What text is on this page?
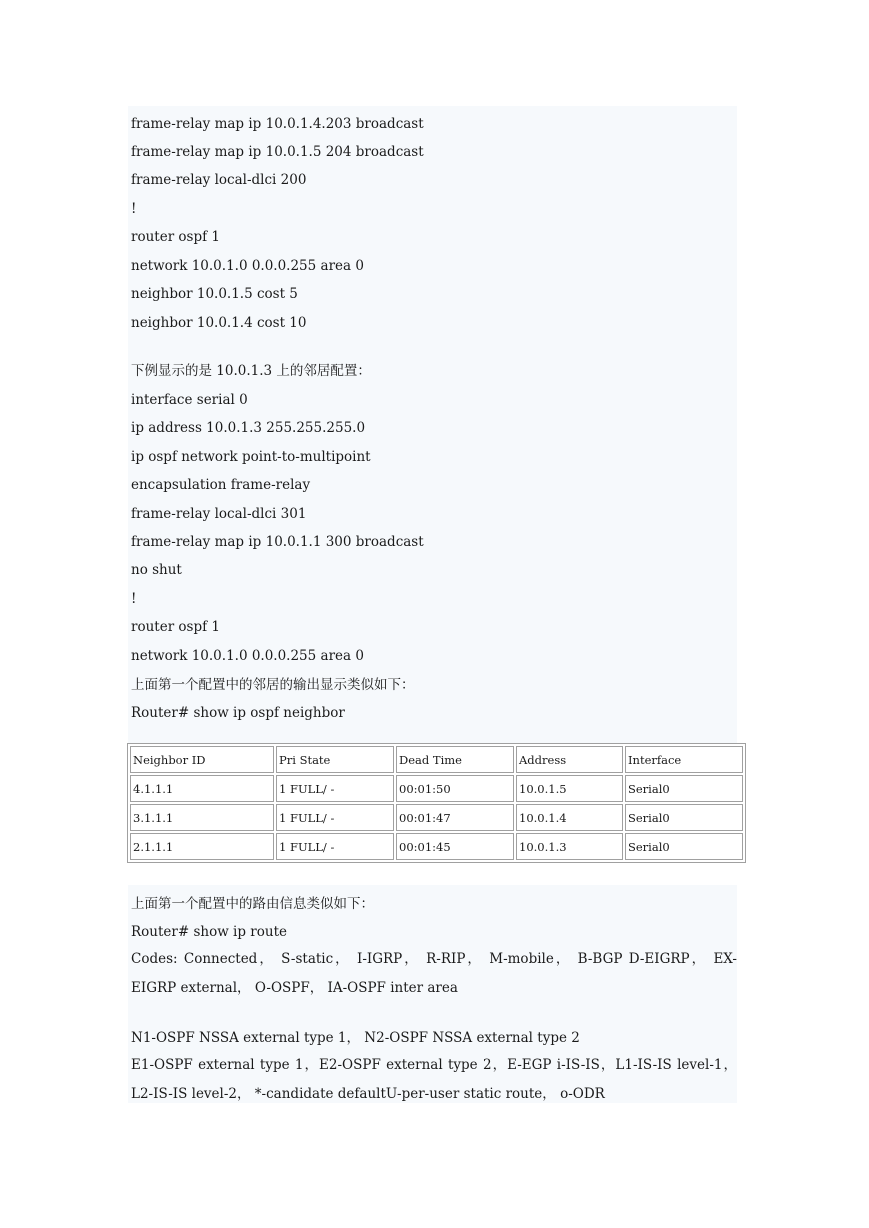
frame-relay map ip 10.0.1.4.203 broadcast
frame-relay map ip 10.0.1.5 204 broadcast
frame-relay local-dlci 200
!
router ospf 1
network 10.0.1.0 0.0.0.255 area 0
neighbor 10.0.1.5 cost 5
neighbor 10.0.1.4 cost 10
下例显示的是 10.0.1.3 上的邻居配置：
interface serial 0
ip address 10.0.1.3 255.255.255.0
ip ospf network point-to-multipoint
encapsulation frame-relay
frame-relay local-dlci 301
frame-relay map ip 10.0.1.1 300 broadcast
no shut
!
router ospf 1
network 10.0.1.0 0.0.0.255 area 0
上面第一个配置中的邻居的输出显示类似如下：
Router# show ip ospf neighbor
Neighbor ID	Pri State	Dead Time	Address	Interface
4.1.1.1	1 FULL/ -	00:01:50	10.0.1.5	Serial0
3.1.1.1	1 FULL/ -	00:01:47	10.0.1.4	Serial0
2.1.1.1	1 FULL/ -	00:01:45	10.0.1.3	Serial0
上面第一个配置中的路由信息类似如下：
Router# show ip route
Codes: Connected， S-static， I-IGRP， R-RIP， M-mobile， B-BGP D-EIGRP， EX-EIGRP external， O-OSPF， IA-OSPF inter area
N1-OSPF NSSA external type 1， N2-OSPF NSSA external type 2
E1-OSPF external type 1，E2-OSPF external type 2，E-EGP i-IS-IS，L1-IS-IS level-1，L2-IS-IS level-2， *-candidate defaultU-per-user static route， o-ODR
